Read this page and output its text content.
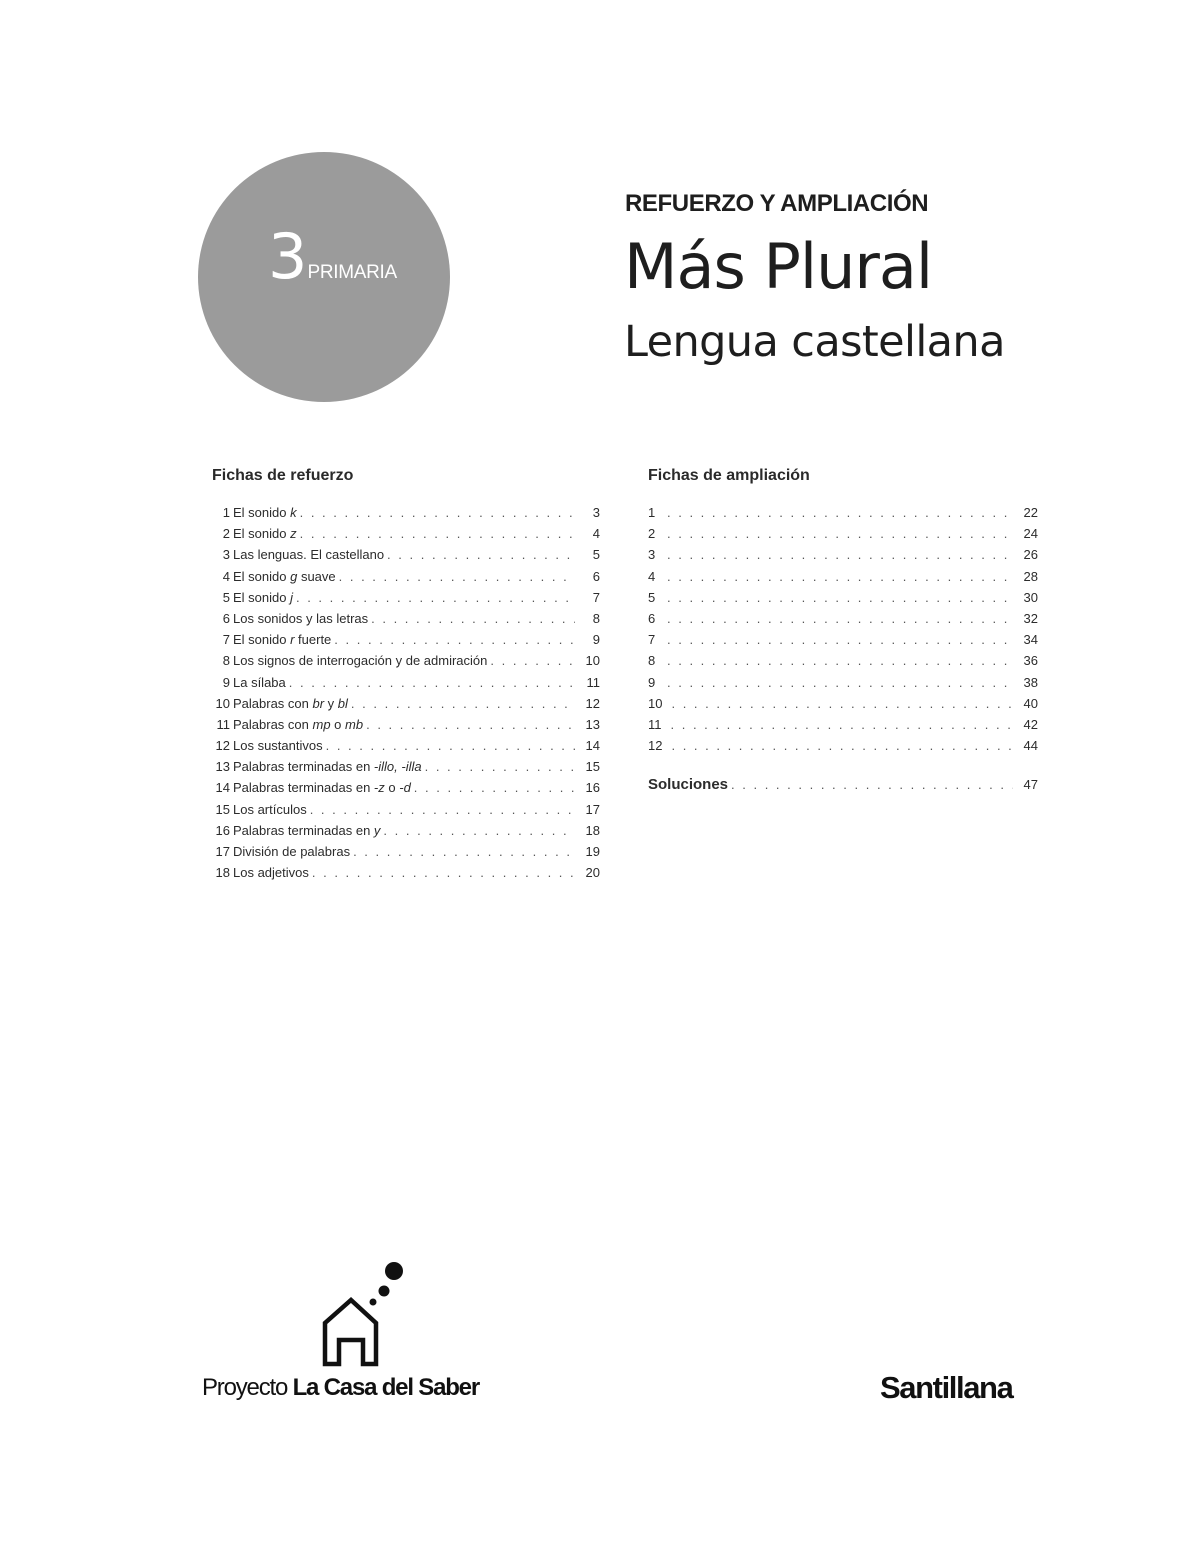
3PRIMARIA
REFUERZO Y AMPLIACIÓN
Más Plural
Lengua castellana
Fichas de refuerzo
1 El sonido k . . .	3
2 El sonido z . . .	4
3 Las lenguas. El castellano . . .	5
4 El sonido g suave . . .	6
5 El sonido j . . .	7
6 Los sonidos y las letras . . .	8
7 El sonido r fuerte . . .	9
8 Los signos de interrogación y de admiración . . .	10
9 La sílaba . . .	11
10 Palabras con br y bl . . .	12
11 Palabras con mp o mb . . .	13
12 Los sustantivos . . .	14
13 Palabras terminadas en -illo, -illa . . .	15
14 Palabras terminadas en -z o -d . . .	16
15 Los artículos . . .	17
16 Palabras terminadas en y . . .	18
17 División de palabras . . .	19
18 Los adjetivos . . .	20
Fichas de ampliación
1 . . .	22
2 . . .	24
3 . . .	26
4 . . .	28
5 . . .	30
6 . . .	32
7 . . .	34
8 . . .	36
9 . . .	38
10 . . .	40
11 . . .	42
12 . . .	44
Soluciones . . .	47
Proyecto La Casa del Saber	Santillana
